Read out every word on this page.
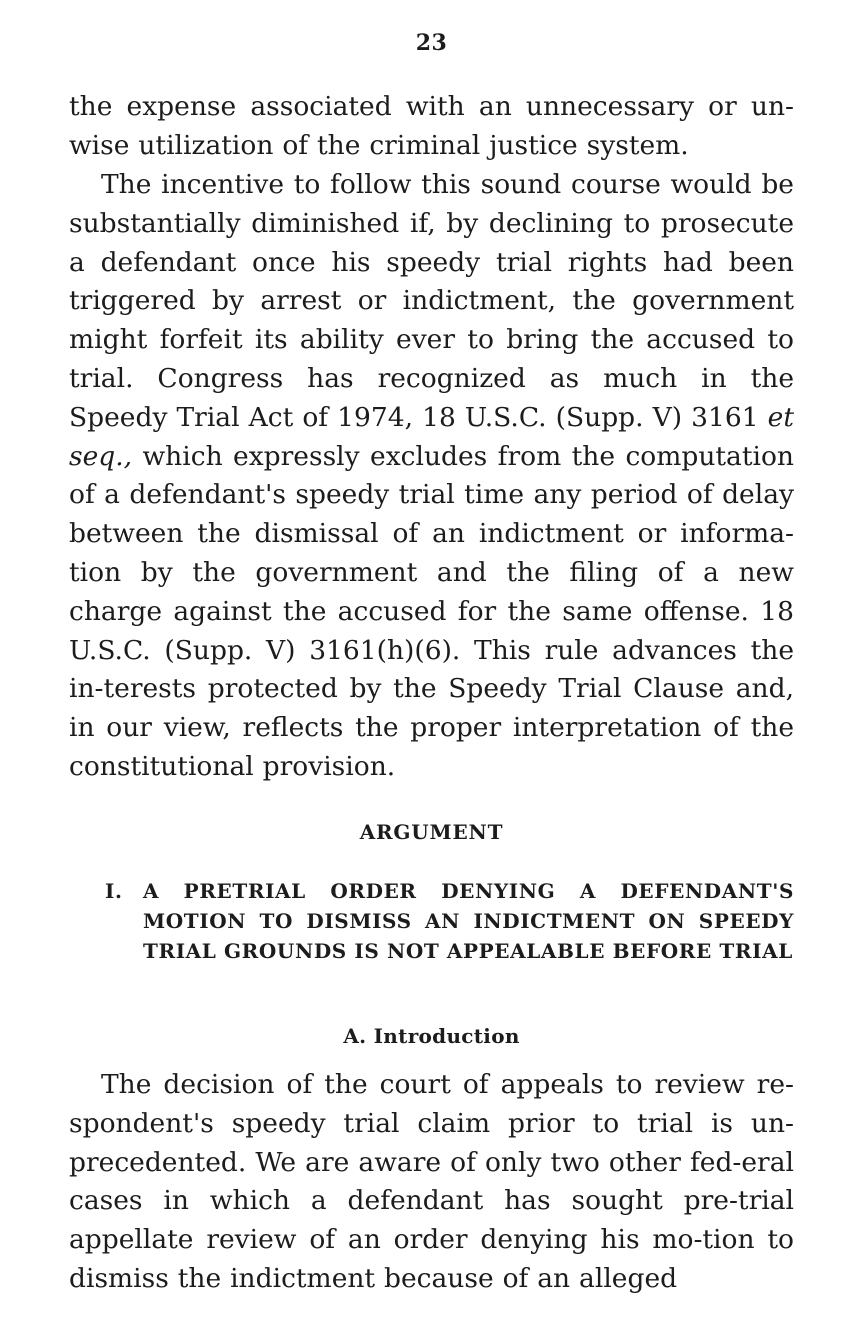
23

the expense associated with an unnecessary or un-wise utilization of the criminal justice system.

The incentive to follow this sound course would be substantially diminished if, by declining to prosecute a defendant once his speedy trial rights had been triggered by arrest or indictment, the government might forfeit its ability ever to bring the accused to trial. Congress has recognized as much in the Speedy Trial Act of 1974, 18 U.S.C. (Supp. V) 3161 et seq., which expressly excludes from the computation of a defendant's speedy trial time any period of delay between the dismissal of an indictment or informa-tion by the government and the filing of a new charge against the accused for the same offense. 18 U.S.C. (Supp. V) 3161(h)(6). This rule advances the in-terests protected by the Speedy Trial Clause and, in our view, reflects the proper interpretation of the constitutional provision.

ARGUMENT
I. A PRETRIAL ORDER DENYING A DEFENDANT'S MOTION TO DISMISS AN INDICTMENT ON SPEEDY TRIAL GROUNDS IS NOT APPEALABLE BEFORE TRIAL
A. Introduction

The decision of the court of appeals to review re-spondent's speedy trial claim prior to trial is un-precedented. We are aware of only two other fed-eral cases in which a defendant has sought pre-trial appellate review of an order denying his mo-tion to dismiss the indictment because of an alleged
